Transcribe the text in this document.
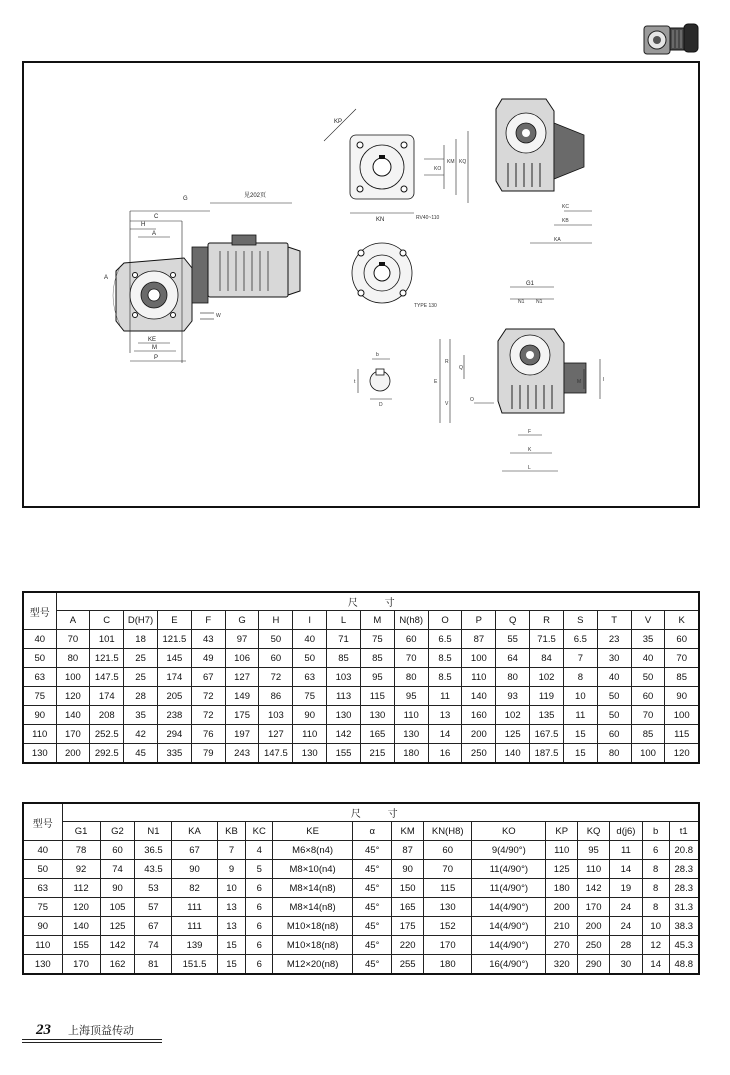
G	见202页
C
H
A
A
KE
M
P
W
KN
KP
KO
KM KQ
RV40~110
TYPE 130
b
t
D
KC
KB
KA
G1
N1 N1
E
R
V
Q
O
I
M
F
K
L
型号	尺 寸																		
	A	C	D(H7)	E	F	G	H	I	L	M	N(h8)	O	P	Q	R	S	T	V	K
40	70	101	18	121.5	43	97	50	40	71	75	60	6.5	87	55	71.5	6.5	23	35	60
50	80	121.5	25	145	49	106	60	50	85	85	70	8.5	100	64	84	7	30	40	70
63	100	147.5	25	174	67	127	72	63	103	95	80	8.5	110	80	102	8	40	50	85
75	120	174	28	205	72	149	86	75	113	115	95	11	140	93	119	10	50	60	90
90	140	208	35	238	72	175	103	90	130	130	110	13	160	102	135	11	50	70	100
110	170	252.5	42	294	76	197	127	110	142	165	130	14	200	125	167.5	15	60	85	115
130	200	292.5	45	335	79	243	147.5	130	155	215	180	16	250	140	187.5	15	80	100	120
型号	尺 寸															
	G1	G2	N1	KA	KB	KC	KE	α	KM	KN(H8)	KO	KP	KQ	d(j6)	b	t1
40	78	60	36.5	67	7	4	M6×8(n4)	45°	87	60	9(4/90°)	110	95	11	6	20.8
50	92	74	43.5	90	9	5	M8×10(n4)	45°	90	70	11(4/90°)	125	110	14	8	28.3
63	112	90	53	82	10	6	M8×14(n8)	45°	150	115	11(4/90°)	180	142	19	8	28.3
75	120	105	57	111	13	6	M8×14(n8)	45°	165	130	14(4/90°)	200	170	24	8	31.3
90	140	125	67	111	13	6	M10×18(n8)	45°	175	152	14(4/90°)	210	200	24	10	38.3
110	155	142	74	139	15	6	M10×18(n8)	45°	220	170	14(4/90°)	270	250	28	12	45.3
130	170	162	81	151.5	15	6	M12×20(n8)	45°	255	180	16(4/90°)	320	290	30	14	48.8
23 上海顶益传动
